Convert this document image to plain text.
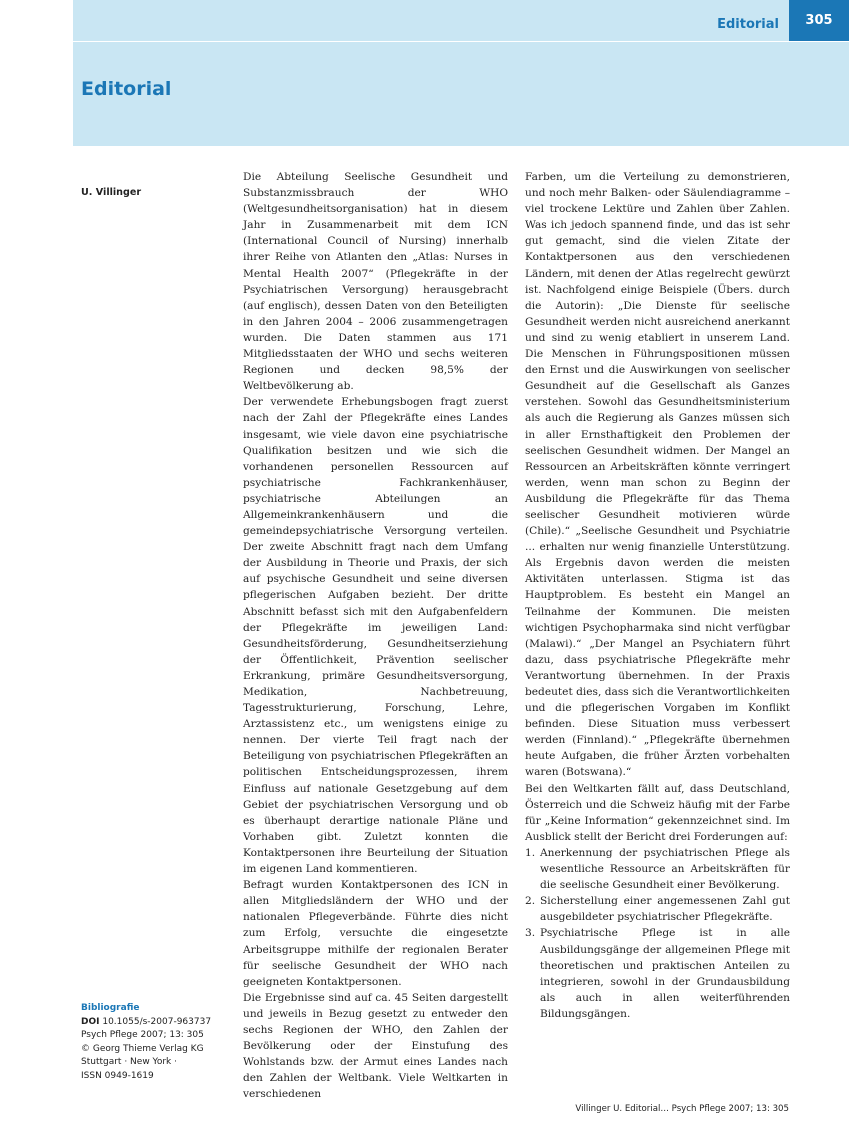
Editorial	305
Editorial
U. Villinger

Die Abteilung Seelische Gesundheit und Substanzmissbrauch der WHO (Weltgesundheitsorganisation) hat in diesem Jahr in Zusammenarbeit mit dem ICN (International Council of Nursing) innerhalb ihrer Reihe von Atlanten den „Atlas: Nurses in Mental Health 2007“ (Pflegekräfte in der Psychiatrischen Versorgung) herausgebracht (auf englisch), dessen Daten von den Beteiligten in den Jahren 2004 – 2006 zusammengetragen wurden. Die Daten stammen aus 171 Mitgliedsstaaten der WHO und sechs weiteren Regionen und decken 98,5% der Weltbevölkerung ab.

Der verwendete Erhebungsbogen fragt zuerst nach der Zahl der Pflegekräfte eines Landes insgesamt, wie viele davon eine psychiatrische Qualifikation besitzen und wie sich die vorhandenen personellen Ressourcen auf psychiatrische Fachkrankenhäuser, psychiatrische Abteilungen an Allgemeinkrankenhäusern und die gemeindepsychiatrische Versorgung verteilen. Der zweite Abschnitt fragt nach dem Umfang der Ausbildung in Theorie und Praxis, der sich auf psychische Gesundheit und seine diversen pflegerischen Aufgaben bezieht. Der dritte Abschnitt befasst sich mit den Aufgabenfeldern der Pflegekräfte im jeweiligen Land: Gesundheitsförderung, Gesundheitserziehung der Öffentlichkeit, Prävention seelischer Erkrankung, primäre Gesundheitsversorgung, Medikation, Nachbetreuung, Tagesstrukturierung, Forschung, Lehre, Arztassistenz etc., um wenigstens einige zu nennen. Der vierte Teil fragt nach der Beteiligung von psychiatrischen Pflegekräften an politischen Entscheidungsprozessen, ihrem Einfluss auf nationale Gesetzgebung auf dem Gebiet der psychiatrischen Versorgung und ob es überhaupt derartige nationale Pläne und Vorhaben gibt. Zuletzt konnten die Kontaktpersonen ihre Beurteilung der Situation im eigenen Land kommentieren.

Befragt wurden Kontaktpersonen des ICN in allen Mitgliedsländern der WHO und der nationalen Pflegeverbände. Führte dies nicht zum Erfolg, versuchte die eingesetzte Arbeitsgruppe mithilfe der regionalen Berater für seelische Gesundheit der WHO nach geeigneten Kontaktpersonen.

Die Ergebnisse sind auf ca. 45 Seiten dargestellt und jeweils in Bezug gesetzt zu entweder den sechs Regionen der WHO, den Zahlen der Bevölkerung oder der Einstufung des Wohlstands bzw. der Armut eines Landes nach den Zahlen der Weltbank. Viele Weltkarten in verschiedenen

Farben, um die Verteilung zu demonstrieren, und noch mehr Balken- oder Säulendiagramme – viel trockene Lektüre und Zahlen über Zahlen. Was ich jedoch spannend finde, und das ist sehr gut gemacht, sind die vielen Zitate der Kontaktpersonen aus den verschiedenen Ländern, mit denen der Atlas regelrecht gewürzt ist. Nachfolgend einige Beispiele (Übers. durch die Autorin): „Die Dienste für seelische Gesundheit werden nicht ausreichend anerkannt und sind zu wenig etabliert in unserem Land. Die Menschen in Führungspositionen müssen den Ernst und die Auswirkungen von seelischer Gesundheit auf die Gesellschaft als Ganzes verstehen. Sowohl das Gesundheitsministerium als auch die Regierung als Ganzes müssen sich in aller Ernsthaftigkeit den Problemen der seelischen Gesundheit widmen. Der Mangel an Ressourcen an Arbeitskräften könnte verringert werden, wenn man schon zu Beginn der Ausbildung die Pflegekräfte für das Thema seelischer Gesundheit motivieren würde (Chile).“ „Seelische Gesundheit und Psychiatrie ... erhalten nur wenig finanzielle Unterstützung. Als Ergebnis davon werden die meisten Aktivitäten unterlassen. Stigma ist das Hauptproblem. Es besteht ein Mangel an Teilnahme der Kommunen. Die meisten wichtigen Psychopharmaka sind nicht verfügbar (Malawi).“ „Der Mangel an Psychiatern führt dazu, dass psychiatrische Pflegekräfte mehr Verantwortung übernehmen. In der Praxis bedeutet dies, dass sich die Verantwortlichkeiten und die pflegerischen Vorgaben im Konflikt befinden. Diese Situation muss verbessert werden (Finnland).“ „Pflegekräfte übernehmen heute Aufgaben, die früher Ärzten vorbehalten waren (Botswana).“

Bei den Weltkarten fällt auf, dass Deutschland, Österreich und die Schweiz häufig mit der Farbe für „Keine Information“ gekennzeichnet sind. Im Ausblick stellt der Bericht drei Forderungen auf:

1. Anerkennung der psychiatrischen Pflege als wesentliche Ressource an Arbeitskräften für die seelische Gesundheit einer Bevölkerung.
2. Sicherstellung einer angemessenen Zahl gut ausgebildeter psychiatrischer Pflegekräfte.
3. Psychiatrische Pflege ist in alle Ausbildungsgänge der allgemeinen Pflege mit theoretischen und praktischen Anteilen zu integrieren, sowohl in der Grundausbildung als auch in allen weiterführenden Bildungsgängen.
Bibliografie
DOI 10.1055/s-2007-963737
Psych Pflege 2007; 13: 305
© Georg Thieme Verlag KG
Stuttgart · New York ·
ISSN 0949-1619
Villinger U. Editorial… Psych Pflege 2007; 13: 305
